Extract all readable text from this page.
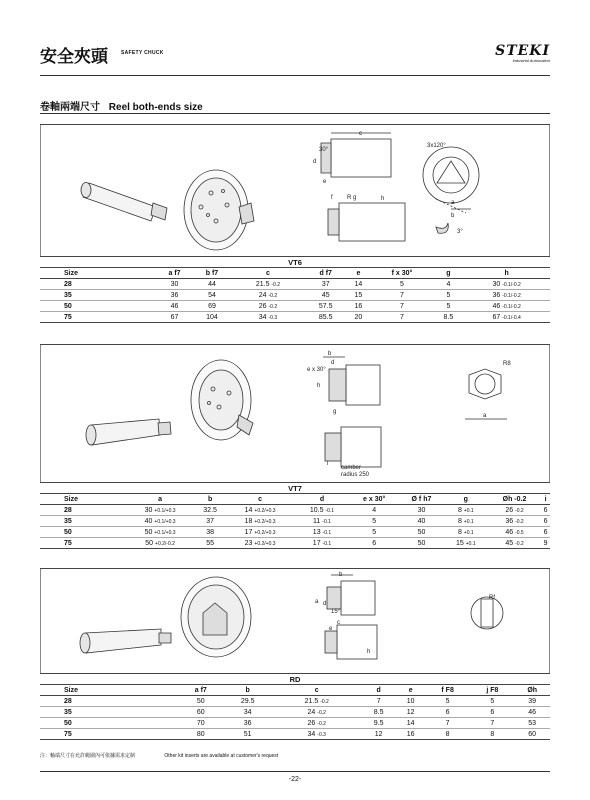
安全夾頭	SAFETY CHUCK	STEKI
Industrial Automation
卷軸兩端尺寸 Reel both-ends size
c
a
b
d
e
f R g
3x120°
30°
3°
h
VT6								
Size	a f7	b f7	c	d f7	e	f x 30°	g	h
28	30	44	21.5 -0.2	37	14	5	4	30 -0.1/-0.2
35	36	54	24 -0.2	45	15	7	5	36 -0.1/-0.2
50	46	69	26 -0.2	57.5	16	7	5	46 -0.1/-0.2
75	67	104	34 -0.3	85.5	20	7	8.5	67 -0.1/-0.4
b
d
h
e x 30°
g
R8
a
i
camber
radius 250
VT7									
Size	a	b	c	d	e x 30°	Ø f h7	g	Øh -0.2	i
28	30 +0.1/+0.3	32.5	14 +0.2/+0.3	10.5 -0.1	4	30	8 +0.1	26 -0.2	6
35	40 +0.1/+0.3	37	18 +0.2/+0.3	11 -0.1	5	40	8 +0.1	36 -0.2	6
50	50 +0.1/+0.3	38	17 +0.2/+0.3	13 -0.1	5	50	8 +0.1	46 -0.5	6
75	50 +0.2/-0.2	55	23 +0.2/+0.3	17 -0.1	6	50	15 +0.1	45 -0.2	9
b
a d
c
e
15°
Rf
h
RD								
Size	a f7	b	c	d	e	f F8	j F8	Øh
28	50	29.5	21.5 -0.2	7	10	5	5	39
35	60	34	24 -0.2	8.5	12	6	6	46
50	70	36	26 -0.2	9.5	14	7	7	53
75	80	51	34 -0.3	12	16	8	8	60
注：軸端尺寸在允許範圍內可依據需求定制	Other kit inserts are available at customer's request
-22-
